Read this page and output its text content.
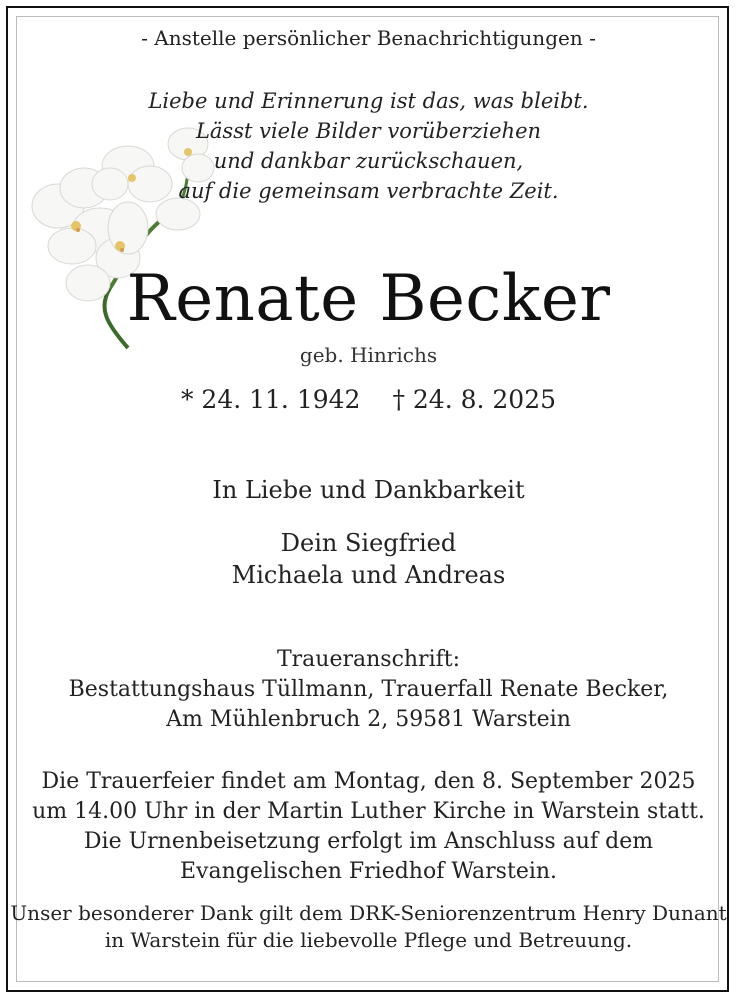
- Anstelle persönlicher Benachrichtigungen -
Liebe und Erinnerung ist das, was bleibt.
Lässt viele Bilder vorüberziehen
und dankbar zurückschauen,
auf die gemeinsam verbrachte Zeit.
Renate Becker
geb. Hinrichs
* 24. 11. 1942 † 24. 8. 2025
In Liebe und Dankbarkeit
Dein Siegfried
Michaela und Andreas
Traueranschrift:
Bestattungshaus Tüllmann, Trauerfall Renate Becker,
Am Mühlenbruch 2, 59581 Warstein
Die Trauerfeier findet am Montag, den 8. September 2025
um 14.00 Uhr in der Martin Luther Kirche in Warstein statt.
Die Urnenbeisetzung erfolgt im Anschluss auf dem
Evangelischen Friedhof Warstein.
Unser besonderer Dank gilt dem DRK-Seniorenzentrum Henry Dunant
in Warstein für die liebevolle Pflege und Betreuung.
